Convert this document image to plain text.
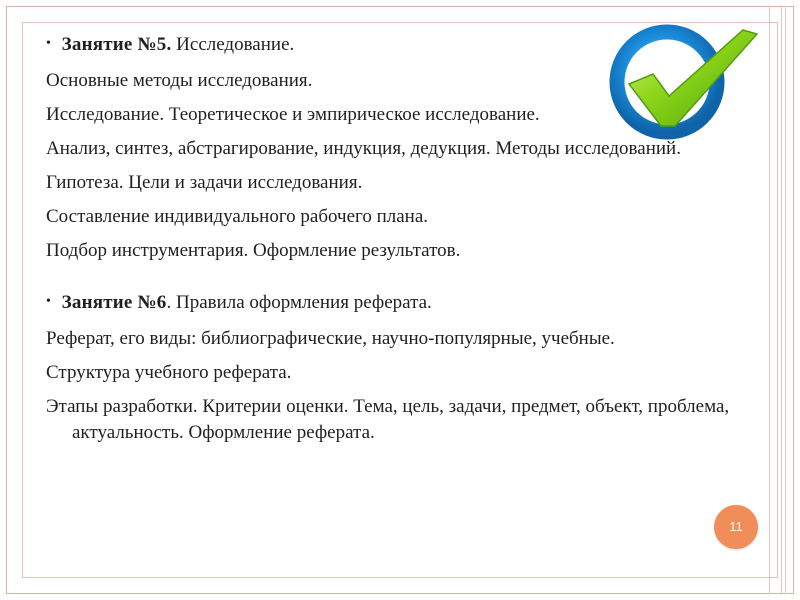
• Занятие №5. Исследование.
Основные методы исследования.
Исследование. Теоретическое и эмпирическое исследование.
Анализ, синтез, абстрагирование, индукция, дедукция. Методы исследований.
Гипотеза. Цели и задачи исследования.
Составление индивидуального рабочего плана.
Подбор инструментария. Оформление результатов.
• Занятие №6. Правила оформления реферата.
Реферат, его виды: библиографические, научно-популярные, учебные.
Структура учебного реферата.
Этапы разработки. Критерии оценки. Тема, цель, задачи, предмет, объект, проблема, актуальность. Оформление реферата.
11
